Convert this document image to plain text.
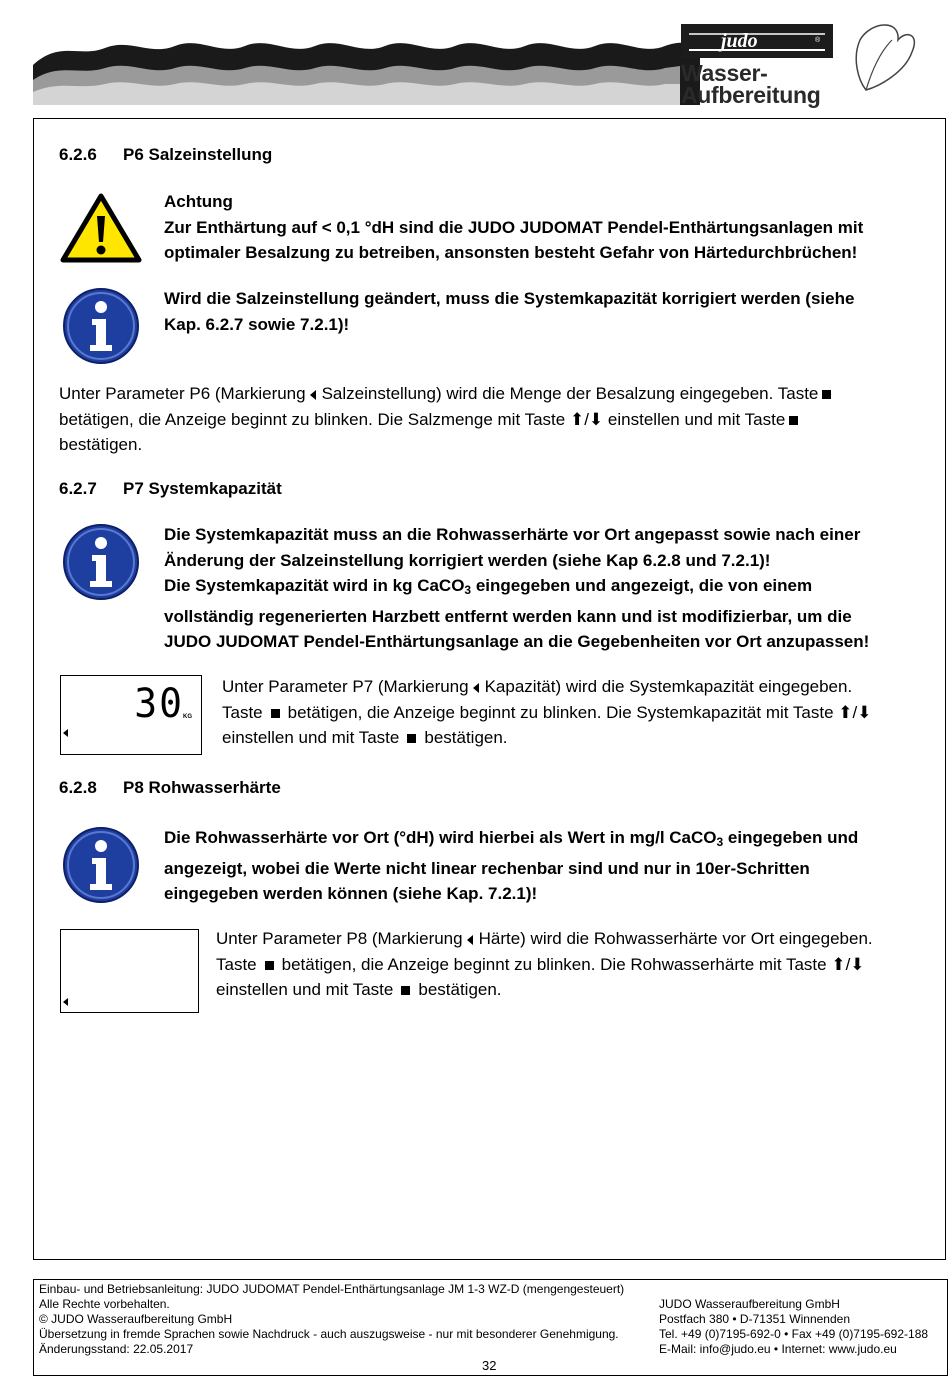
judo	®
Wasser-
Aufbereitung
6.2.6 P6 Salzeinstellung
Achtung
Zur Enthärtung auf < 0,1 °dH sind die JUDO JUDOMAT Pendel-Enthärtungsanlagen mit
optimaler Besalzung zu betreiben, ansonsten besteht Gefahr von Härtedurchbrüchen!
Wird die Salzeinstellung geändert, muss die Systemkapazität korrigiert werden (siehe
Kap. 6.2.7 sowie 7.2.1)!
Unter Parameter P6 (Markierung Salzeinstellung) wird die Menge der Besalzung eingegeben. Taste
betätigen, die Anzeige beginnt zu blinken. Die Salzmenge mit Taste ⬆/⬇ einstellen und mit Taste
bestätigen.
6.2.7 P7 Systemkapazität
Die Systemkapazität muss an die Rohwasserhärte vor Ort angepasst sowie nach einer
Änderung der Salzeinstellung korrigiert werden (siehe Kap 6.2.8 und 7.2.1)!
Die Systemkapazität wird in kg CaCO$_3$ eingegeben und angezeigt, die von einem
vollständig regenerierten Harzbett entfernt werden kann und ist modifizierbar, um die
JUDO JUDOMAT Pendel-Enthärtungsanlage an die Gegebenheiten vor Ort anzupassen!
30 KG
Unter Parameter P7 (Markierung Kapazität) wird die Systemkapazität eingegeben.
Taste betätigen, die Anzeige beginnt zu blinken. Die Systemkapazität mit Taste ⬆/⬇
einstellen und mit Taste bestätigen.
6.2.8 P8 Rohwasserhärte
Die Rohwasserhärte vor Ort (°dH) wird hierbei als Wert in mg/l CaCO$_3$ eingegeben und
angezeigt, wobei die Werte nicht linear rechenbar sind und nur in 10er-Schritten
eingegeben werden können (siehe Kap. 7.2.1)!
Unter Parameter P8 (Markierung Härte) wird die Rohwasserhärte vor Ort eingegeben.
Taste betätigen, die Anzeige beginnt zu blinken. Die Rohwasserhärte mit Taste ⬆/⬇
einstellen und mit Taste bestätigen.
Einbau- und Betriebsanleitung: JUDO JUDOMAT Pendel-Enthärtungsanlage JM 1-3 WZ-D (mengengesteuert)
Alle Rechte vorbehalten.
© JUDO Wasseraufbereitung GmbH
Übersetzung in fremde Sprachen sowie Nachdruck - auch auszugsweise - nur mit besonderer Genehmigung.
Änderungsstand: 22.05.2017
32
JUDO Wasseraufbereitung GmbH
Postfach 380 • D-71351 Winnenden
Tel. +49 (0)7195-692-0 • Fax +49 (0)7195-692-188
E-Mail: info@judo.eu • Internet: www.judo.eu
